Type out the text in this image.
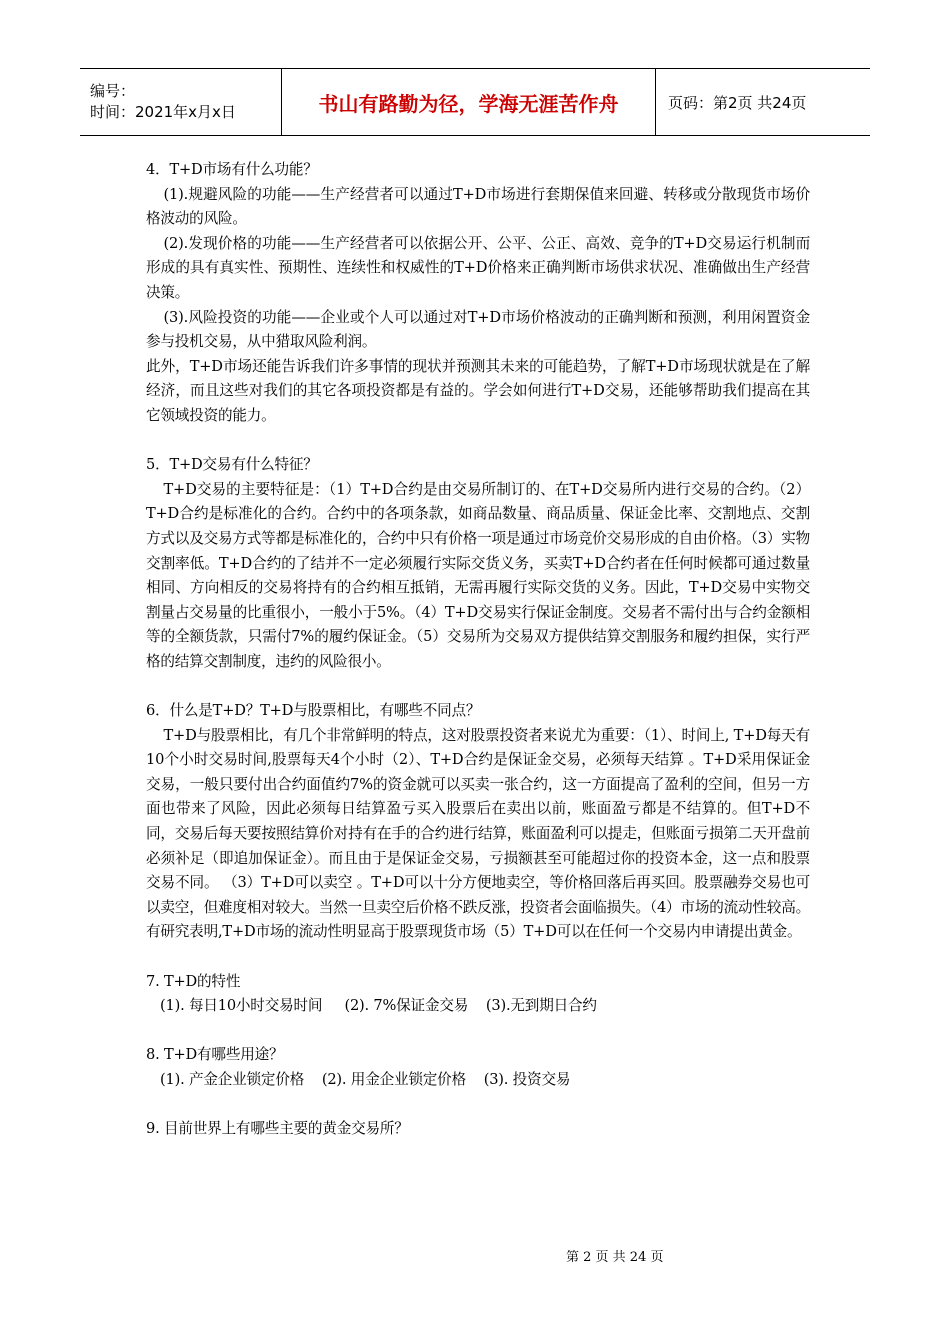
编号：
时间：2021年x月x日	书山有路勤为径，学海无涯苦作舟	页码：第2页 共24页

4．T+D市场有什么功能？

(1).规避风险的功能——生产经营者可以通过T+D市场进行套期保值来回避、转移或分散现货市场价格波动的风险。

(2).发现价格的功能——生产经营者可以依据公开、公平、公正、高效、竞争的T+D交易运行机制而形成的具有真实性、预期性、连续性和权威性的T+D价格来正确判断市场供求状况、准确做出生产经营决策。

(3).风险投资的功能——企业或个人可以通过对T+D市场价格波动的正确判断和预测，利用闲置资金参与投机交易，从中猎取风险利润。

此外，T+D市场还能告诉我们许多事情的现状并预测其未来的可能趋势，了解T+D市场现状就是在了解经济，而且这些对我们的其它各项投资都是有益的。学会如何进行T+D交易，还能够帮助我们提高在其它领域投资的能力。

5．T+D交易有什么特征？

T+D交易的主要特征是：（1）T+D合约是由交易所制订的、在T+D交易所内进行交易的合约。（2）T+D合约是标准化的合约。合约中的各项条款，如商品数量、商品质量、保证金比率、交割地点、交割方式以及交易方式等都是标准化的，合约中只有价格一项是通过市场竞价交易形成的自由价格。（3）实物交割率低。T+D合约的了结并不一定必须履行实际交货义务，买卖T+D合约者在任何时候都可通过数量相同、方向相反的交易将持有的合约相互抵销，无需再履行实际交货的义务。因此，T+D交易中实物交割量占交易量的比重很小，一般小于5%。（4）T+D交易实行保证金制度。交易者不需付出与合约金额相等的全额货款，只需付7%的履约保证金。（5）交易所为交易双方提供结算交割服务和履约担保，实行严格的结算交割制度，违约的风险很小。

6．什么是T+D？T+D与股票相比，有哪些不同点？

T+D与股票相比，有几个非常鲜明的特点，这对股票投资者来说尤为重要：（1）、时间上, T+D每天有10个小时交易时间,股票每天4个小时（2）、T+D合约是保证金交易，必须每天结算 。T+D采用保证金交易，一般只要付出合约面值约7%的资金就可以买卖一张合约，这一方面提高了盈利的空间，但另一方面也带来了风险，因此必须每日结算盈亏买入股票后在卖出以前，账面盈亏都是不结算的。但T+D不同，交易后每天要按照结算价对持有在手的合约进行结算，账面盈利可以提走，但账面亏损第二天开盘前必须补足（即追加保证金）。而且由于是保证金交易，亏损额甚至可能超过你的投资本金，这一点和股票交易不同。 （3）T+D可以卖空 。T+D可以十分方便地卖空，等价格回落后再买回。股票融券交易也可以卖空，但难度相对较大。当然一旦卖空后价格不跌反涨，投资者会面临损失。（4）市场的流动性较高。 有研究表明,T+D市场的流动性明显高于股票现货市场（5）T+D可以在任何一个交易内申请提出黄金。

7. T+D的特性

(1). 每日10小时交易时间     (2). 7%保证金交易    (3).无到期日合约

8. T+D有哪些用途？

(1). 产金企业锁定价格    (2). 用金企业锁定价格    (3). 投资交易

9. 目前世界上有哪些主要的黄金交易所？

第 2 页 共 24 页
